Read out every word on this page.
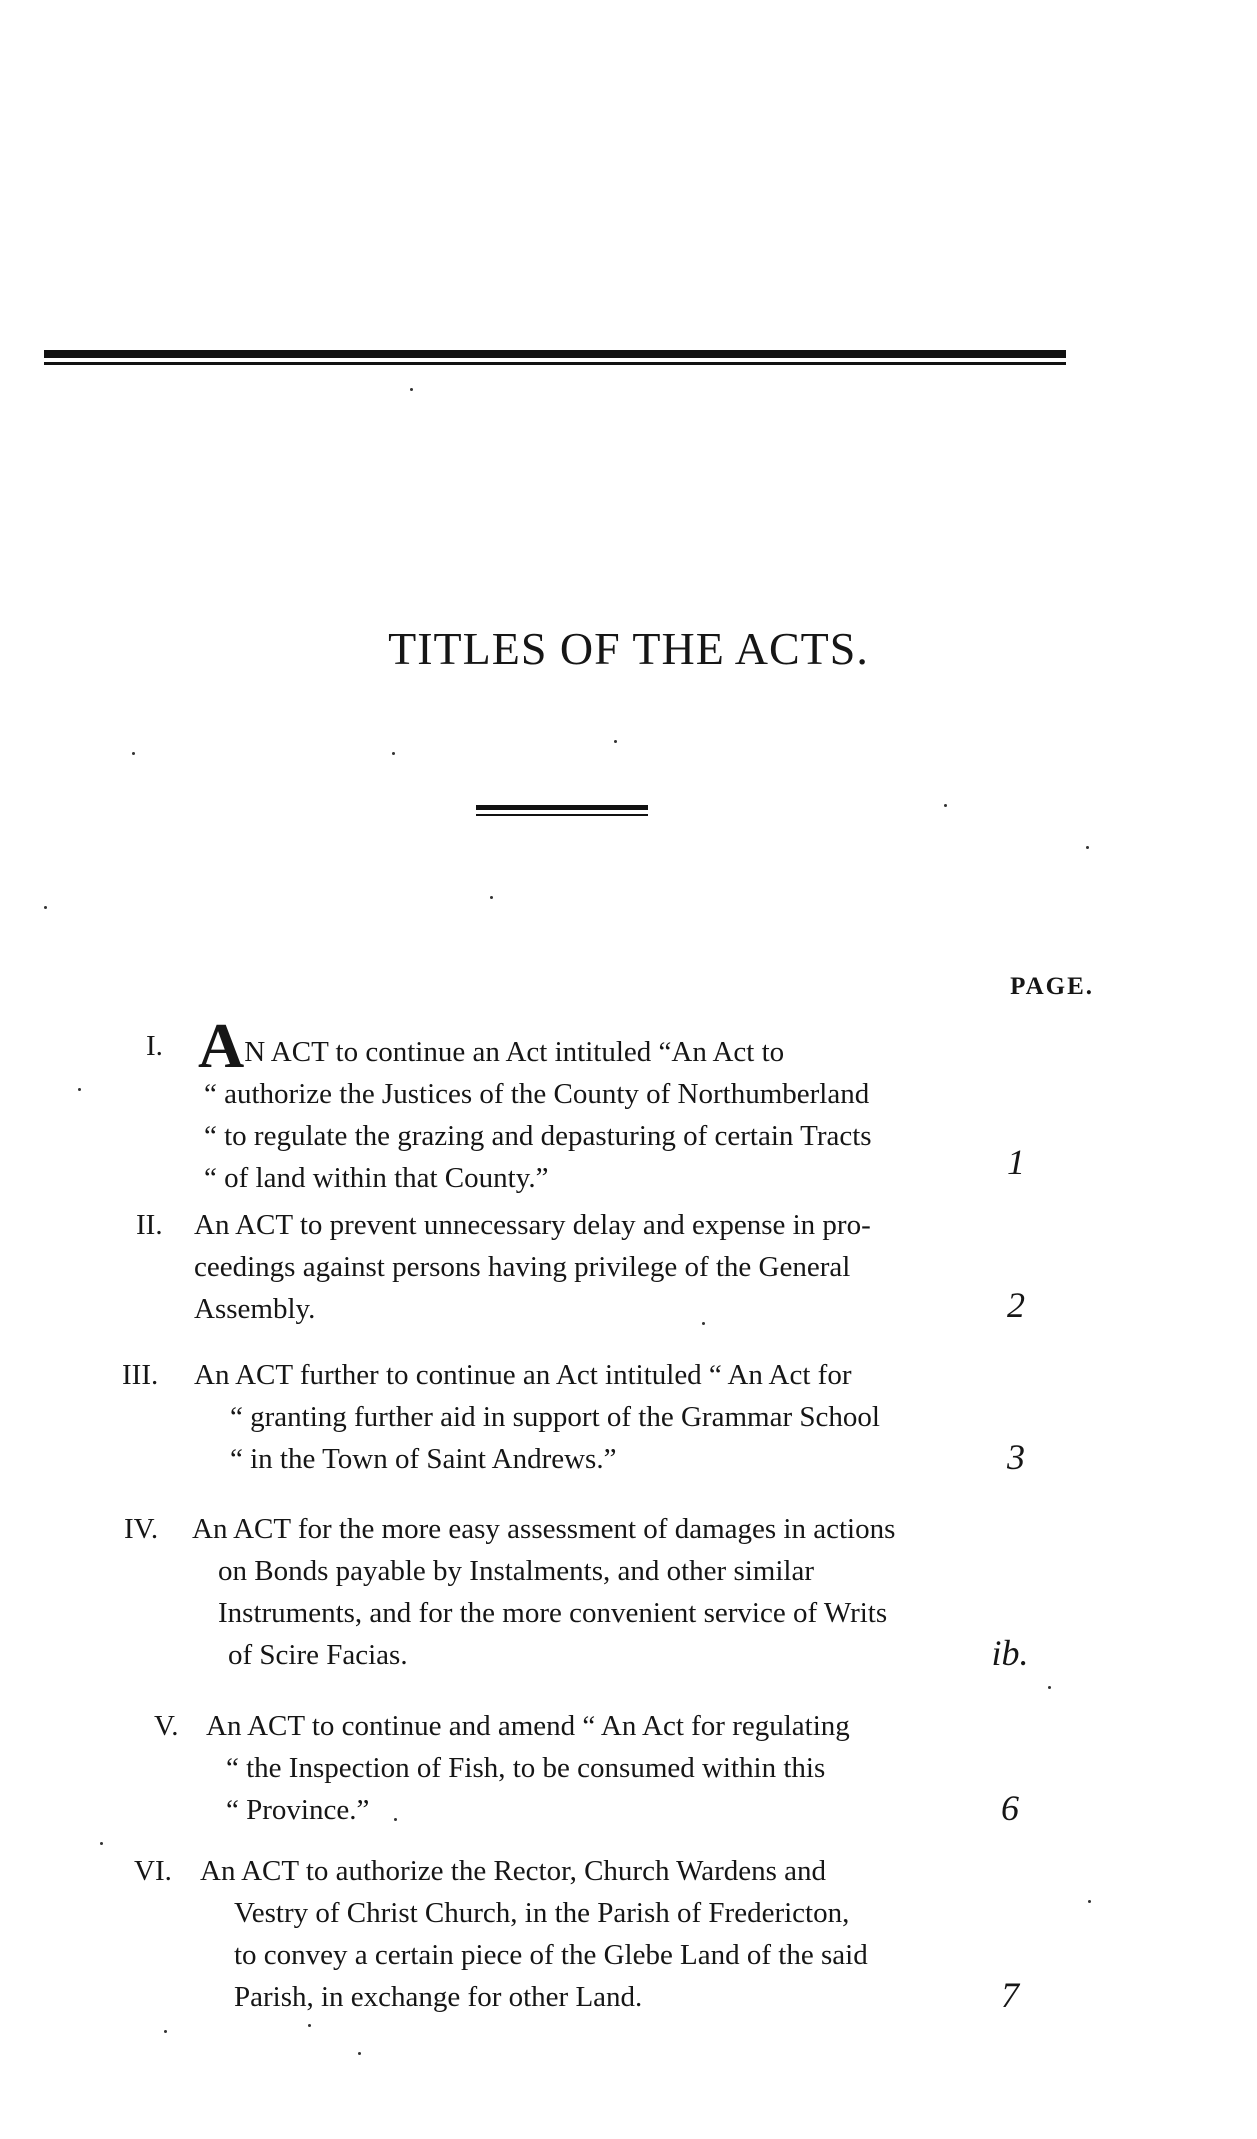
TITLES OF THE ACTS.
PAGE.
I. AN ACT to continue an Act intituled “An Act to
“ authorize the Justices of the County of Northumberland
“ to regulate the grazing and depasturing of certain Tracts
“ of land within that County.”	1
II. An ACT to prevent unnecessary delay and expense in pro-
ceedings against persons having privilege of the General
Assembly.	2
III. An ACT further to continue an Act intituled “ An Act for
“ granting further aid in support of the Grammar School
“ in the Town of Saint Andrews.”	3
IV. An ACT for the more easy assessment of damages in actions
on Bonds payable by Instalments, and other similar
Instruments, and for the more convenient service of Writs
of Scire Facias.	ib.
V. An ACT to continue and amend “ An Act for regulating
“ the Inspection of Fish, to be consumed within this
“ Province.”	6
VI. An ACT to authorize the Rector, Church Wardens and
Vestry of Christ Church, in the Parish of Fredericton,
to convey a certain piece of the Glebe Land of the said
Parish, in exchange for other Land.	7
